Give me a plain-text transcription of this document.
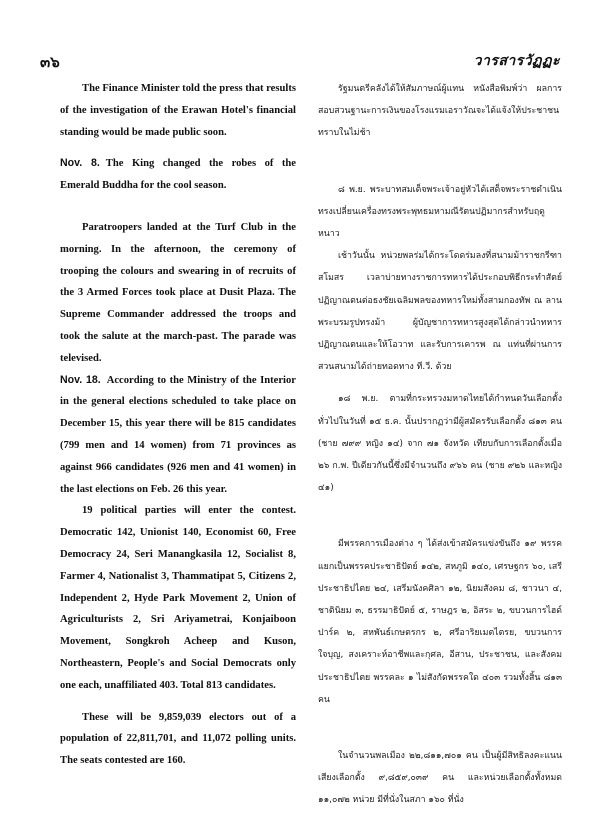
๓๖	วารสารวัฏฏะ

The Finance Minister told the press that results of the investigation of the Erawan Hotel's financial standing would be made public soon.

Nov. 8. The King changed the robes of the Emerald Buddha for the cool season.

Paratroopers landed at the Turf Club in the morning. In the afternoon, the ceremony of trooping the colours and swearing in of recruits of the 3 Armed Forces took place at Dusit Plaza. The Supreme Commander addressed the troops and took the salute at the march-past. The parade was televised.

Nov. 18. According to the Ministry of the Interior in the general elections scheduled to take place on December 15, this year there will be 815 candidates (799 men and 14 women) from 71 provinces as against 966 candidates (926 men and 41 women) in the last elections on Feb. 26 this year.

19 political parties will enter the contest. Democratic 142, Unionist 140, Economist 60, Free Democracy 24, Seri Manangkasila 12, Socialist 8, Farmer 4, Nationalist 3, Thammatipat 5, Citizens 2, Independent 2, Hyde Park Movement 2, Union of Agriculturists 2, Sri Ariyametrai, Konjaiboon Movement, Songkroh Acheep and Kuson, Northeastern, People's and Social Democrats only one each, unaffiliated 403. Total 813 candidates.

These will be 9,859,039 electors out of a population of 22,811,701, and 11,072 polling units. The seats contested are 160.

รัฐมนตรีคลังได้ให้สัมภาษณ์ผู้แทน หนังสือพิมพ์ว่า ผลการสอบสวนฐานะการเงินของโรงแรมเอราวัณจะได้แจ้งให้ประชาชนทราบในไม่ช้า

๘ พ.ย. พระบาทสมเด็จพระเจ้าอยู่หัวได้เสด็จพระราชดำเนินทรงเปลี่ยนเครื่องทรงพระพุทธมหามณีรัตนปฏิมากรสำหรับฤดูหนาว

เช้าวันนั้น หน่วยพลร่มได้กระโดดร่มลงที่สนามม้าราชกรีฑาสโมสร เวลาบ่ายทางราชการทหารได้ประกอบพิธีกระทำสัตย์ปฏิญาณตนต่อธงชัยเฉลิมพลของทหารใหม่ทั้งสามกองทัพ ณ ลานพระบรมรูปทรงม้า ผู้บัญชาการทหารสูงสุดได้กล่าวนำทหารปฏิญาณตนและให้โอวาท และรับการเคารพ ณ แท่นที่ผ่านการสวนสนามได้ถ่ายทอดทาง ที.วี. ด้วย

๑๘ พ.ย. ตามที่กระทรวงมหาดไทยได้กำหนดวันเลือกตั้งทั่วไปในวันที่ ๑๕ ธ.ค. นั้นปรากฏว่ามีผู้สมัครรับเลือกตั้ง ๘๑๓ คน (ชาย ๗๙๙ หญิง ๑๔) จาก ๗๑ จังหวัด เทียบกับการเลือกตั้งเมื่อ ๒๖ ก.พ. ปีเดียวกันนี้ซึ่งมีจำนวนถึง ๙๖๖ คน (ชาย ๙๒๖ และหญิง ๔๑)

มีพรรคการเมืองต่าง ๆ ได้ส่งเข้าสมัครแข่งขันถึง ๑๙ พรรค แยกเป็นพรรคประชาธิปัตย์ ๑๔๒, สหภูมิ ๑๔๐, เศรษฐกร ๖๐, เสรีประชาธิปไตย ๒๔, เสรีมนังคศิลา ๑๒, นิยมสังคม ๘, ชาวนา ๔, ชาตินิยม ๓, ธรรมาธิปัตย์ ๕, ราษฎร ๒, อิสระ ๒, ขบวนการไฮด์ปาร์ค ๒, สหพันธ์เกษตรกร ๒, ศรีอาริยเมตไตรย, ขบวนการใจบุญ, สงเคราะห์อาชีพและกุศล, อีสาน, ประชาชน, และสังคมประชาธิปไตย พรรคละ ๑ ไม่สังกัดพรรคใด ๔๐๓ รวมทั้งสิ้น ๘๑๓ คน

ในจำนวนพลเมือง ๒๒,๘๑๑,๗๐๑ คน เป็นผู้มีสิทธิลงคะแนนเสียงเลือกตั้ง ๙,๘๕๙,๐๓๙ คน และหน่วยเลือกตั้งทั้งหมด ๑๑,๐๗๒ หน่วย มีที่นั่งในสภา ๑๖๐ ที่นั่ง
